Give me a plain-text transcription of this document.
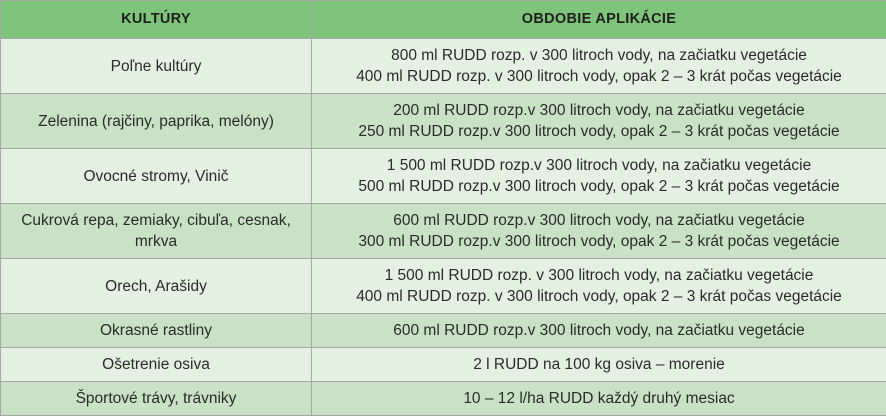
KULTÚRY	OBDOBIE APLIKÁCIE
Poľne kultúry	800 ml RUDD rozp. v 300 litroch vody, na začiatku vegetácie
400 ml RUDD rozp. v 300 litroch vody, opak 2 – 3 krát počas vegetácie

Zelenina (rajčiny, paprika, melóny)	200 ml RUDD rozp.v 300 litroch vody, na začiatku vegetácie
250 ml RUDD rozp.v 300 litroch vody, opak 2 – 3 krát počas vegetácie

Ovocné stromy, Vinič	1 500 ml RUDD rozp.v 300 litroch vody, na začiatku vegetácie
500 ml RUDD rozp.v 300 litroch vody, opak 2 – 3 krát počas vegetácie

Cukrová repa, zemiaky, cibuľa, cesnak, mrkva	600 ml RUDD rozp.v 300 litroch vody, na začiatku vegetácie
300 ml RUDD rozp.v 300 litroch vody, opak 2 – 3 krát počas vegetácie

Orech, Arašidy	1 500 ml RUDD rozp. v 300 litroch vody, na začiatku vegetácie
400 ml RUDD rozp. v 300 litroch vody, opak 2 – 3 krát počas vegetácie

Okrasné rastliny	600 ml RUDD rozp.v 300 litroch vody, na začiatku vegetácie

Ošetrenie osiva	2 l RUDD na 100 kg osiva – morenie

Športové trávy, trávniky	10 – 12 l/ha RUDD každý druhý mesiac
